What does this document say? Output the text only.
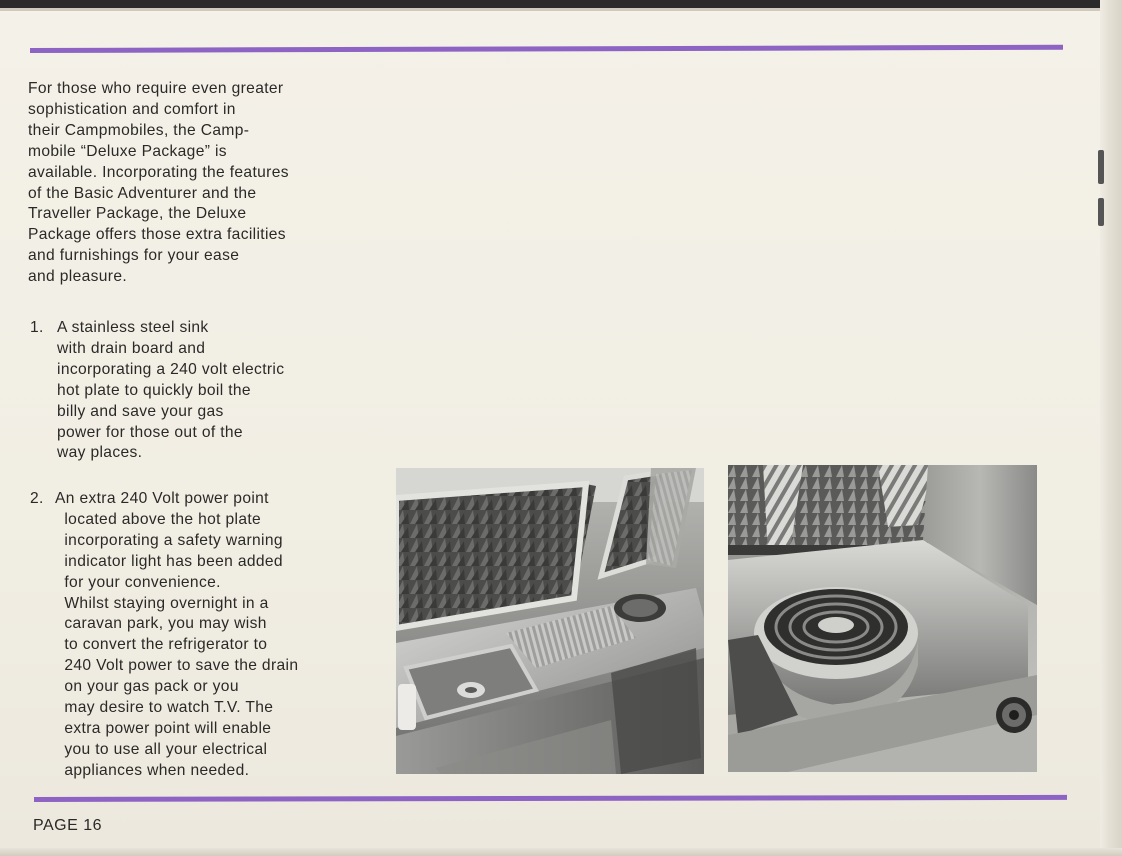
For those who require even greater
sophistication and comfort in
their Campmobiles, the Camp-
mobile “Deluxe Package” is
available. Incorporating the features
of the Basic Adventurer and the
Traveller Package, the Deluxe
Package offers those extra facilities
and furnishings for your ease
and pleasure.
1. A stainless steel sink
with drain board and
incorporating a 240 volt electric
hot plate to quickly boil the
billy and save your gas
power for those out of the
way places.
2. An extra 240 Volt power point
located above the hot plate
incorporating a safety warning
indicator light has been added
for your convenience.
Whilst staying overnight in a
caravan park, you may wish
to convert the refrigerator to
240 Volt power to save the drain
on your gas pack or you
may desire to watch T.V. The
extra power point will enable
you to use all your electrical
appliances when needed.
PAGE 16
